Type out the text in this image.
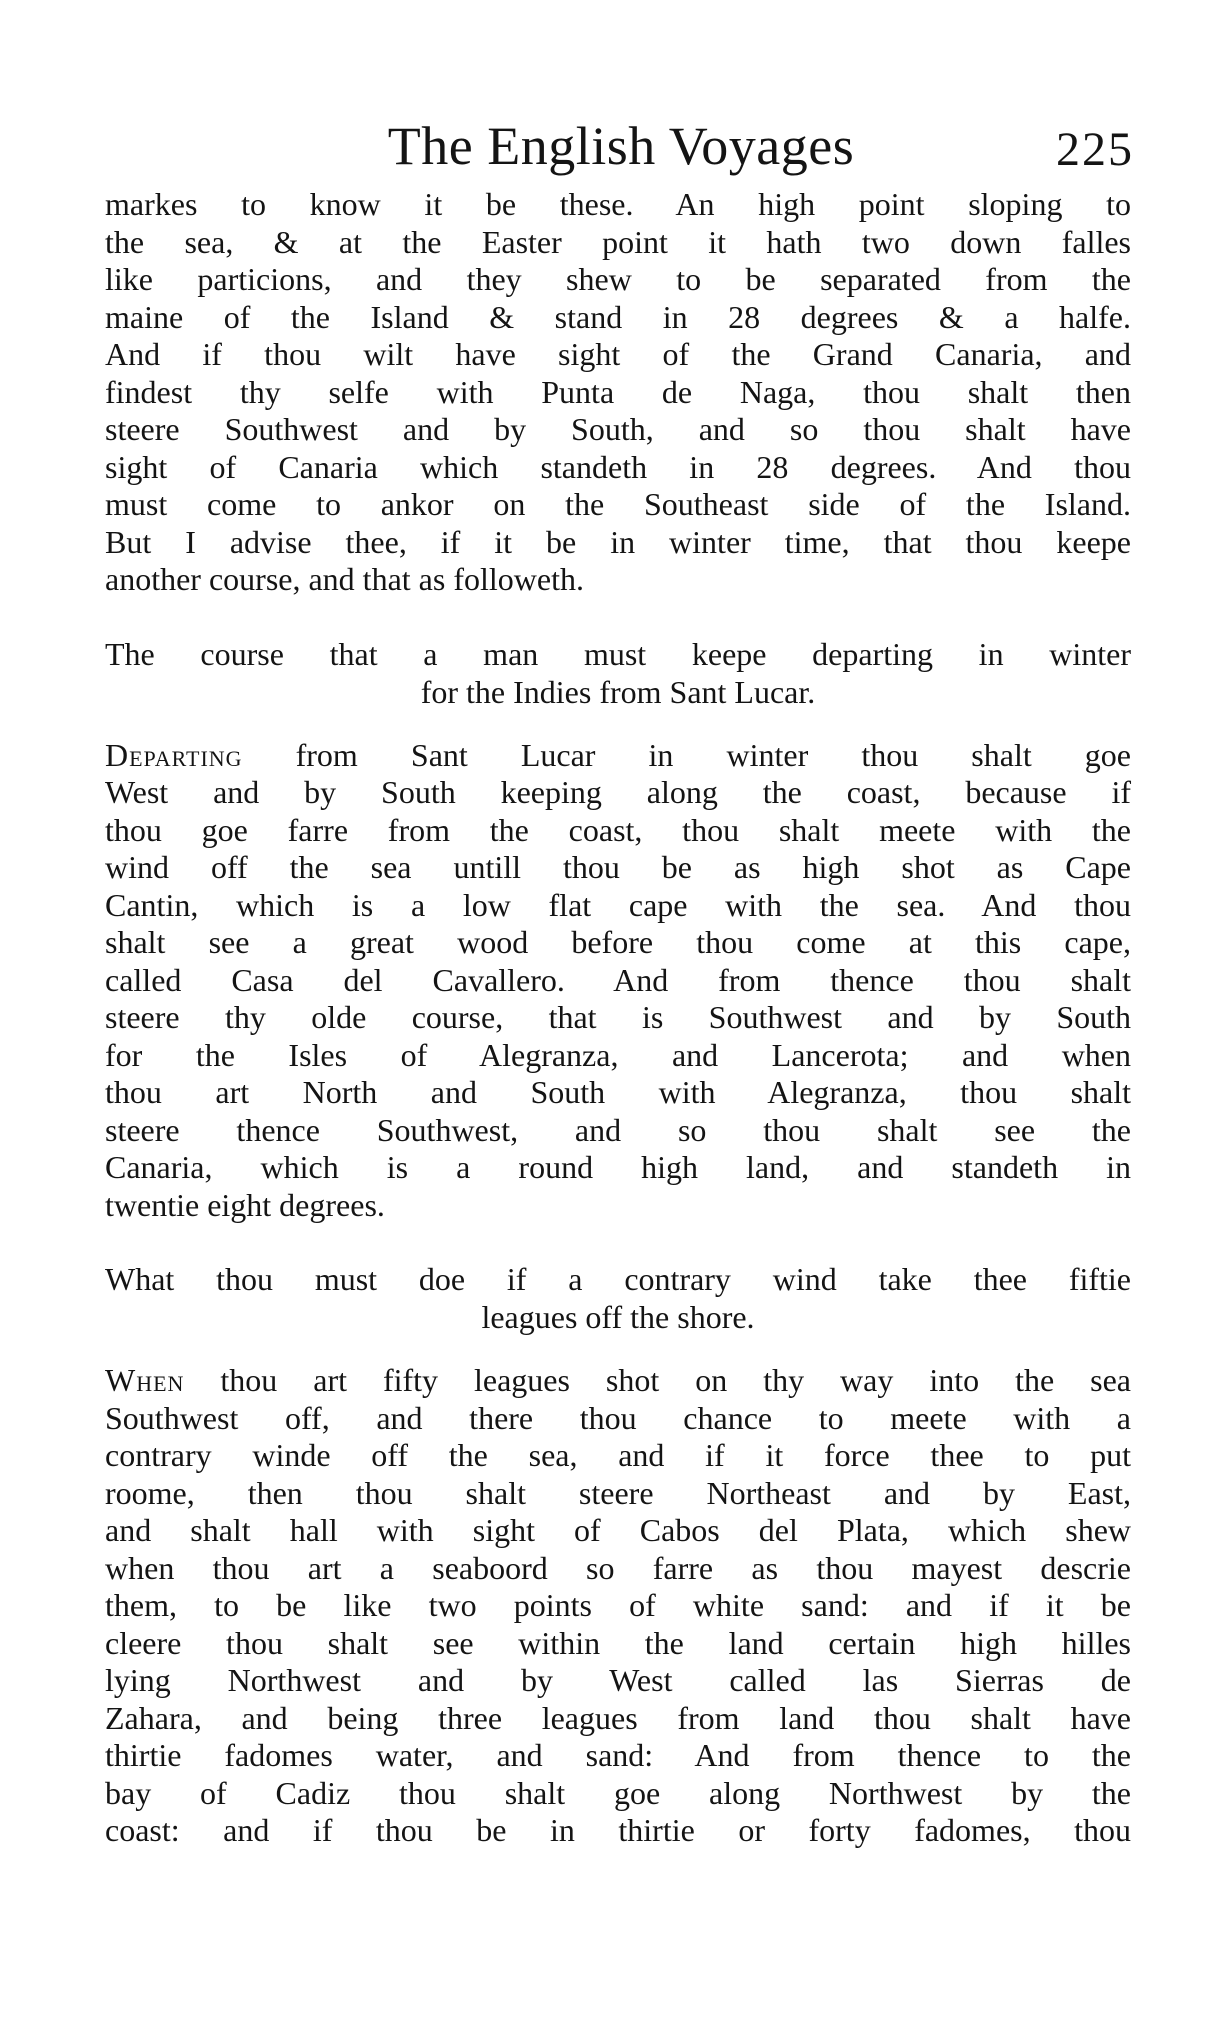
The English Voyages	225

markes to know it be these. An high point sloping to
the sea, & at the Easter point it hath two down falles
like particions, and they shew to be separated from the
maine of the Island & stand in 28 degrees & a halfe.
And if thou wilt have sight of the Grand Canaria, and
findest thy selfe with Punta de Naga, thou shalt then
steere Southwest and by South, and so thou shalt have
sight of Canaria which standeth in 28 degrees. And thou
must come to ankor on the Southeast side of the Island.
But I advise thee, if it be in winter time, that thou keepe
another course, and that as followeth.

The course that a man must keepe departing in winter
for the Indies from Sant Lucar.

Departing from Sant Lucar in winter thou shalt goe
West and by South keeping along the coast, because if
thou goe farre from the coast, thou shalt meete with the
wind off the sea untill thou be as high shot as Cape
Cantin, which is a low flat cape with the sea. And thou
shalt see a great wood before thou come at this cape,
called Casa del Cavallero. And from thence thou shalt
steere thy olde course, that is Southwest and by South
for the Isles of Alegranza, and Lancerota; and when
thou art North and South with Alegranza, thou shalt
steere thence Southwest, and so thou shalt see the
Canaria, which is a round high land, and standeth in
twentie eight degrees.

What thou must doe if a contrary wind take thee fiftie
leagues off the shore.

When thou art fifty leagues shot on thy way into the sea
Southwest off, and there thou chance to meete with a
contrary winde off the sea, and if it force thee to put
roome, then thou shalt steere Northeast and by East,
and shalt hall with sight of Cabos del Plata, which shew
when thou art a seaboord so farre as thou mayest descrie
them, to be like two points of white sand: and if it be
cleere thou shalt see within the land certain high hilles
lying Northwest and by West called las Sierras de
Zahara, and being three leagues from land thou shalt have
thirtie fadomes water, and sand: And from thence to the
bay of Cadiz thou shalt goe along Northwest by the
coast: and if thou be in thirtie or forty fadomes, thou
